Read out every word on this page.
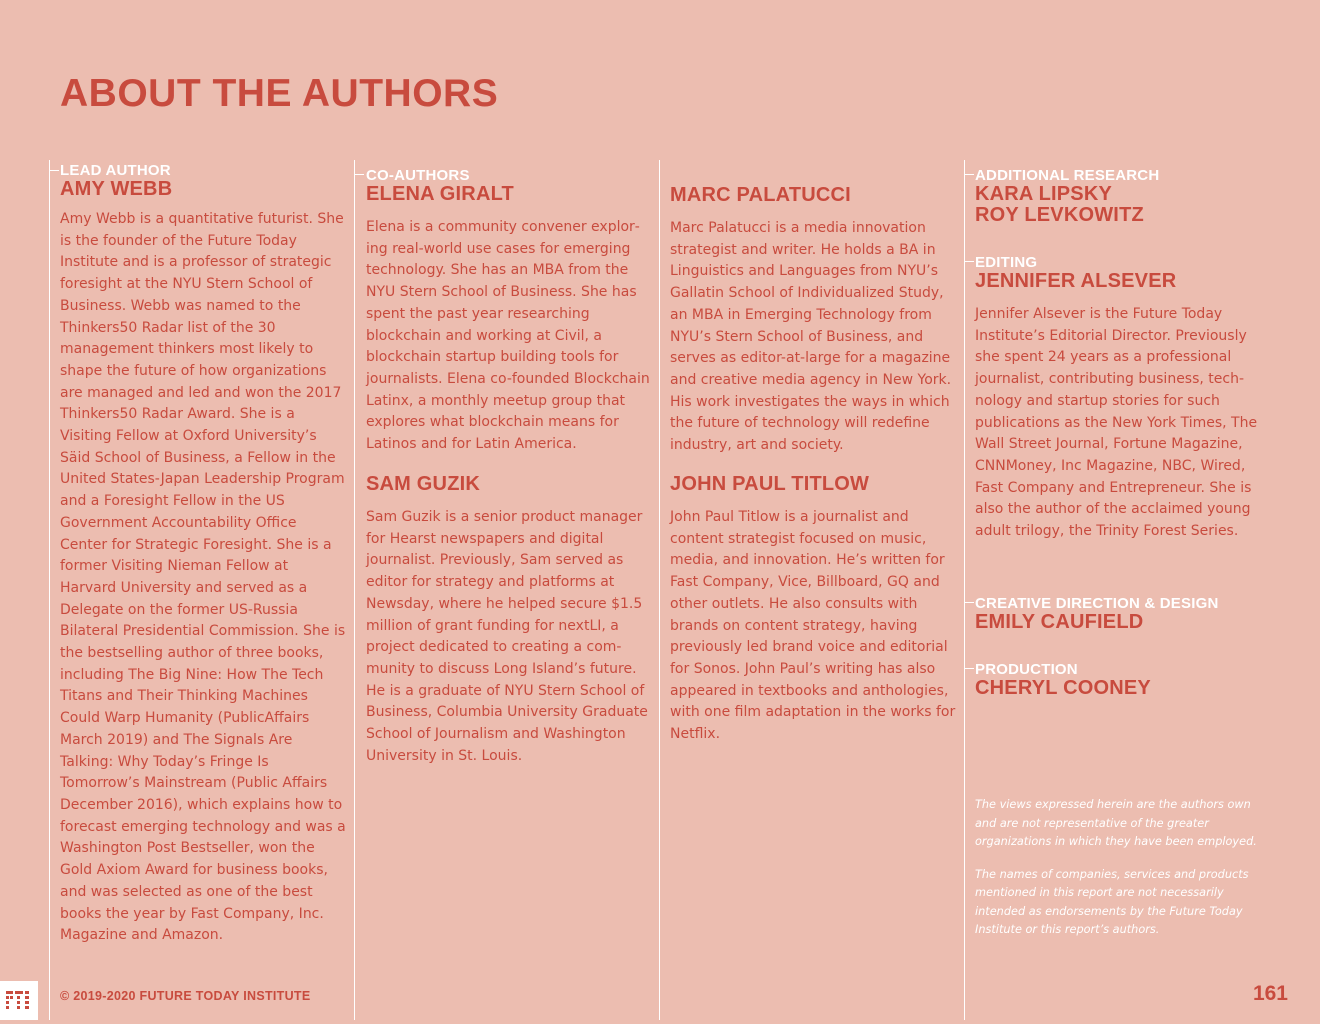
ABOUT THE AUTHORS
LEAD AUTHOR
AMY WEBB
Amy Webb is a quantitative futurist. She is the founder of the Future Today Institute and is a professor of strategic foresight at the NYU Stern School of Business. Webb was named to the Thinkers50 Radar list of the 30 management thinkers most likely to shape the future of how organizations are managed and led and won the 2017 Thinkers50 Radar Award. She is a Visiting Fellow at Oxford University’s Säid School of Business, a Fellow in the United States-Japan Leadership Program and a Foresight Fellow in the US Government Accountability Office Center for Strategic Foresight. She is a former Visiting Nieman Fellow at Harvard University and served as a Delegate on the former US-Russia Bilateral Presidential Commission. She is the bestselling author of three books, including The Big Nine: How The Tech Titans and Their Thinking Machines Could Warp Humanity (PublicAffairs March 2019) and The Signals Are Talking: Why Today’s Fringe Is Tomorrow’s Mainstream (Public Affairs December 2016), which explains how to forecast emerging technology and was a Washington Post Bestseller, won the Gold Axiom Award for business books, and was selected as one of the best books the year by Fast Company, Inc. Magazine and Amazon.
CO-AUTHORS
ELENA GIRALT
Elena is a community convener exploring real-world use cases for emerging technology. She has an MBA from the NYU Stern School of Business. She has spent the past year researching blockchain and working at Civil, a blockchain startup building tools for journalists. Elena co-founded Blockchain Latinx, a monthly meetup group that explores what blockchain means for Latinos and for Latin America.
SAM GUZIK
Sam Guzik is a senior product manager for Hearst newspapers and digital journalist. Previously, Sam served as editor for strategy and platforms at Newsday, where he helped secure $1.5 million of grant funding for nextLI, a project dedicated to creating a community to discuss Long Island’s future. He is a graduate of NYU Stern School of Business, Columbia University Graduate School of Journalism and Washington University in St. Louis.
MARC PALATUCCI
Marc Palatucci is a media innovation strategist and writer. He holds a BA in Linguistics and Languages from NYU’s Gallatin School of Individualized Study, an MBA in Emerging Technology from NYU’s Stern School of Business, and serves as editor-at-large for a magazine and creative media agency in New York. His work investigates the ways in which the future of technology will redefine industry, art and society.
JOHN PAUL TITLOW
John Paul Titlow is a journalist and content strategist focused on music, media, and innovation. He’s written for Fast Company, Vice, Billboard, GQ and other outlets. He also consults with brands on content strategy, having previously led brand voice and editorial for Sonos. John Paul’s writing has also appeared in textbooks and anthologies, with one film adaptation in the works for Netflix.
ADDITIONAL RESEARCH
KARA LIPSKY
ROY LEVKOWITZ
EDITING
JENNIFER ALSEVER
Jennifer Alsever is the Future Today Institute’s Editorial Director. Previously she spent 24 years as a professional journalist, contributing business, technology and startup stories for such publications as the New York Times, The Wall Street Journal, Fortune Magazine, CNNMoney, Inc Magazine, NBC, Wired, Fast Company and Entrepreneur. She is also the author of the acclaimed young adult trilogy, the Trinity Forest Series.
CREATIVE DIRECTION & DESIGN
EMILY CAUFIELD
PRODUCTION
CHERYL COONEY

The views expressed herein are the authors own and are not representative of the greater organizations in which they have been employed.

The names of companies, services and products mentioned in this report are not necessarily intended as endorsements by the Future Today Institute or this report’s authors.

© 2019-2020 FUTURE TODAY INSTITUTE	161
